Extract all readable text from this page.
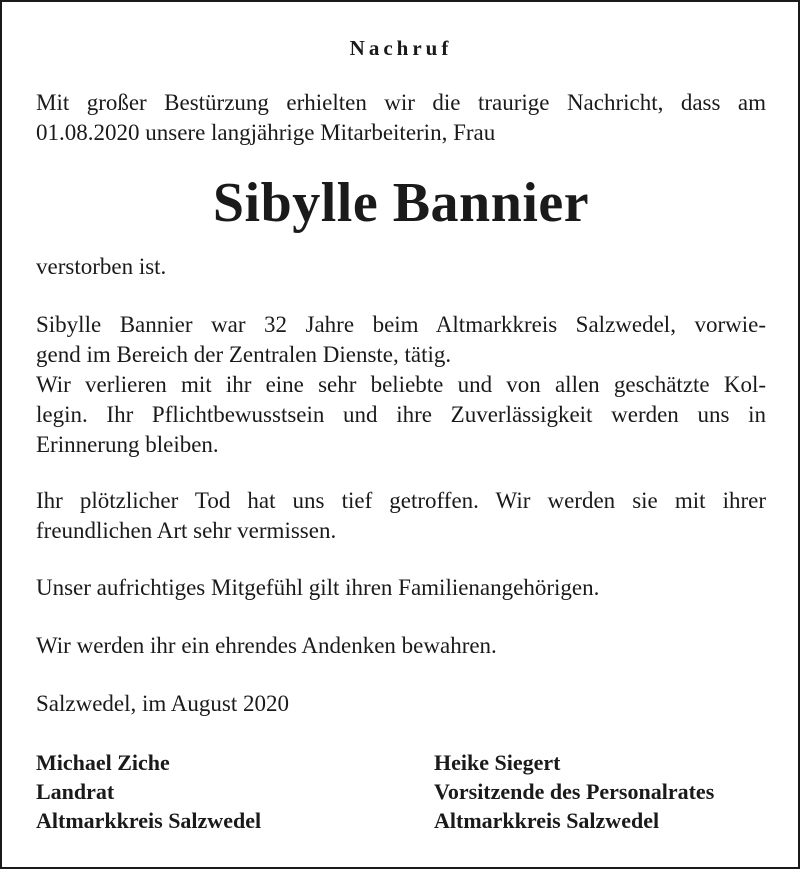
Nachruf
Mit großer Bestürzung erhielten wir die traurige Nachricht, dass am
01.08.2020 unsere langjährige Mitarbeiterin, Frau
Sibylle Bannier
verstorben ist.
Sibylle Bannier war 32 Jahre beim Altmarkkreis Salzwedel, vorwie-
gend im Bereich der Zentralen Dienste, tätig.
Wir verlieren mit ihr eine sehr beliebte und von allen geschätzte Kol-
legin. Ihr Pflichtbewusstsein und ihre Zuverlässigkeit werden uns in
Erinnerung bleiben.
Ihr plötzlicher Tod hat uns tief getroffen. Wir werden sie mit ihrer
freundlichen Art sehr vermissen.
Unser aufrichtiges Mitgefühl gilt ihren Familienangehörigen.
Wir werden ihr ein ehrendes Andenken bewahren.
Salzwedel, im August 2020
Michael Ziche
Landrat
Altmarkkreis Salzwedel
Heike Siegert
Vorsitzende des Personalrates
Altmarkkreis Salzwedel
